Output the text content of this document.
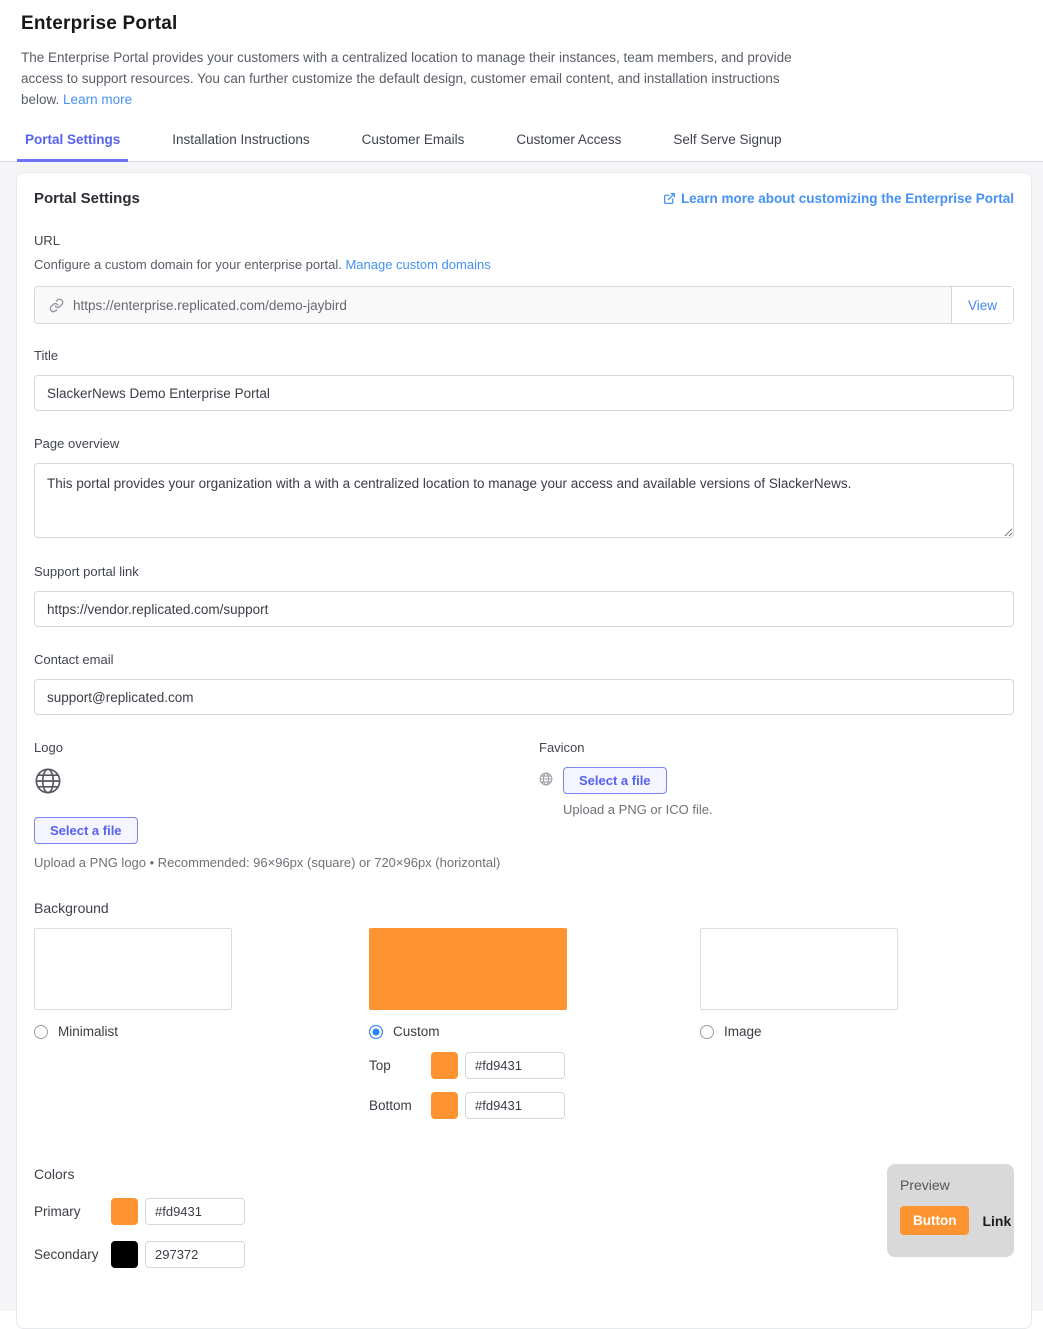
Enterprise Portal
The Enterprise Portal provides your customers with a centralized location to manage their instances, team members, and provide access to support resources. You can further customize the default design, customer email content, and installation instructions below. Learn more
Portal Settings	Installation Instructions	Customer Emails	Customer Access	Self Serve Signup
Portal Settings	Learn more about customizing the Enterprise Portal
URL
Configure a custom domain for your enterprise portal. Manage custom domains
https://enterprise.replicated.com/demo-jaybird
View
Title
SlackerNews Demo Enterprise Portal
Page overview
This portal provides your organization with a with a centralized location to manage your access and available versions of SlackerNews.
Support portal link
https://vendor.replicated.com/support
Contact email
support@replicated.com
Logo
Select a file
Upload a PNG logo • Recommended: 96×96px (square) or 720×96px (horizontal)
Favicon
Select a file
Upload a PNG or ICO file.
Background
Minimalist	Custom
Top
#fd9431
Bottom
#fd9431
Image
Colors
Primary
#fd9431
Secondary
297372
Preview
Button	Link
